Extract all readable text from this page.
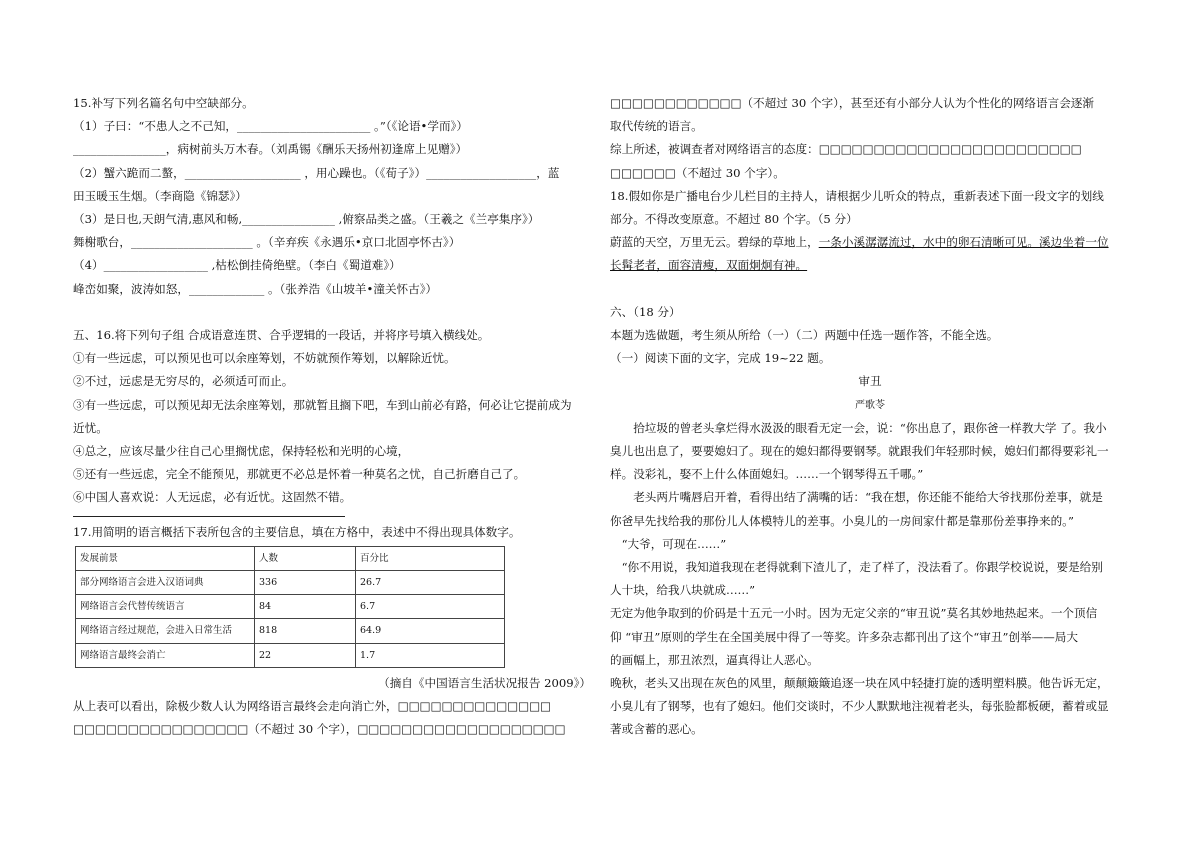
15.补写下列名篇名句中空缺部分。
（1）子曰：“不患人之不己知，_______________________ 。”（《论语•学而》）
________________，病树前头万木春。（刘禹锡《酬乐天扬州初逢席上见赠》）
（2）蟹六跪而二螯，____________________ ，用心躁也。（《荀子》）___________________，蓝
田玉暖玉生烟。（李商隐《锦瑟》）
（3）是日也,天朗气清,惠风和畅,________________ ,俯察品类之盛。（王羲之《兰亭集序》）
舞榭歌台，_____________________ 。（辛弃疾《永遇乐•京口北固亭怀古》）
（4）__________________ ,枯松倒挂倚绝壁。（李白《蜀道难》）
峰峦如聚，波涛如怒，_____________ 。（张养浩《山坡羊•潼关怀古》）
五、16.将下列句子组 合成语意连贯、合乎逻辑的一段话，并将序号填入横线处。
①有一些远虑，可以预见也可以余座筹划，不妨就预作筹划，以解除近忧。
②不过，远虑是无穷尽的，必须适可而止。
③有一些远虑，可以预见却无法余座筹划，那就暂且搁下吧，车到山前必有路，何必让它提前成为
近忧。
④总之，应该尽量少往自己心里搁忧虑，保持轻松和光明的心境，
⑤还有一些远虑，完全不能预见，那就更不必总是怀着一种莫名之忧，自己折磨自己了。
⑥中国人喜欢说：人无远虑，必有近忧。这固然不错。
17.用简明的语言概括下表所包含的主要信息，填在方格中，表述中不得出现具体数字。
发展前景	人数	百分比
部分网络语言会进入汉语词典	336	26.7
网络语言会代替传统语言	84	6.7
网络语言经过规范，会进入日常生活	818	64.9
网络语言最终会消亡	22	1.7
（摘自《中国语言生活状况报告 2009》）
从上表可以看出，除极少数人认为网络语言最终会走向消亡外，□□□□□□□□□□□□□□
□□□□□□□□□□□□□□□□（不超过 30 个字），□□□□□□□□□□□□□□□□□□□
□□□□□□□□□□□□（不超过 30 个字），甚至还有小部分人认为个性化的网络语言会逐渐
取代传统的语言。
综上所述，被调查者对网络语言的态度：□□□□□□□□□□□□□□□□□□□□□□□□
□□□□□□（不超过 30 个字）。
18.假如你是广播电台少儿栏目的主持人，请根据少儿听众的特点，重新表述下面一段文字的划线
部分。不得改变原意。不超过 80 个字。（5 分）
蔚蓝的天空，万里无云。碧绿的草地上，一条小溪潺潺流过，水中的卵石清晰可见。溪边坐着一位
长髯老者，面容清瘦，双面炯炯有神。
六、（18 分）
本题为选做题，考生须从所给（一）（二）两题中任选一题作答，不能全选。
（一）阅读下面的文字，完成 19~22 题。
审丑
严歌苓
拾垃圾的曾老头拿烂得水汲汲的眼看无定一会，说：“你出息了，跟你爸一样教大学 了。我小
臭儿也出息了，要要媳妇了。现在的媳妇都得要钢琴。就跟我们年轻那时候，媳妇们都得要彩礼一
样。没彩礼，娶不上什么体面媳妇。……一个钢琴得五千哪。”
老头两片嘴唇启开着，看得出结了满嘴的话：“我在想，你还能不能给大爷找那份差事，就是
你爸早先找给我的那份儿人体模特儿的差事。小臭儿的一房间家什都是靠那份差事挣来的。”
“大爷，可现在……”
“你不用说，我知道我现在老得就剩下渣儿了，走了样了，没法看了。你跟学校说说，要是给别
人十块，给我八块就成……”
无定为他争取到的价码是十五元一小时。因为无定父亲的“审丑说”莫名其妙地热起来。一个顶信
仰 “审丑”原则的学生在全国美展中得了一等奖。许多杂志都刊出了这个“审丑”创举——局大
的画幅上，那丑浓烈，逼真得让人恶心。
晚秋，老头又出现在灰色的风里，颠颠簸簸追逐一块在风中轻捷打旋的透明塑料膜。他告诉无定，
小臭儿有了钢琴，也有了媳妇。他们交谈时，不少人默默地注视着老头，每张脸都板硬，蓄着或显
著或含蓄的恶心。
